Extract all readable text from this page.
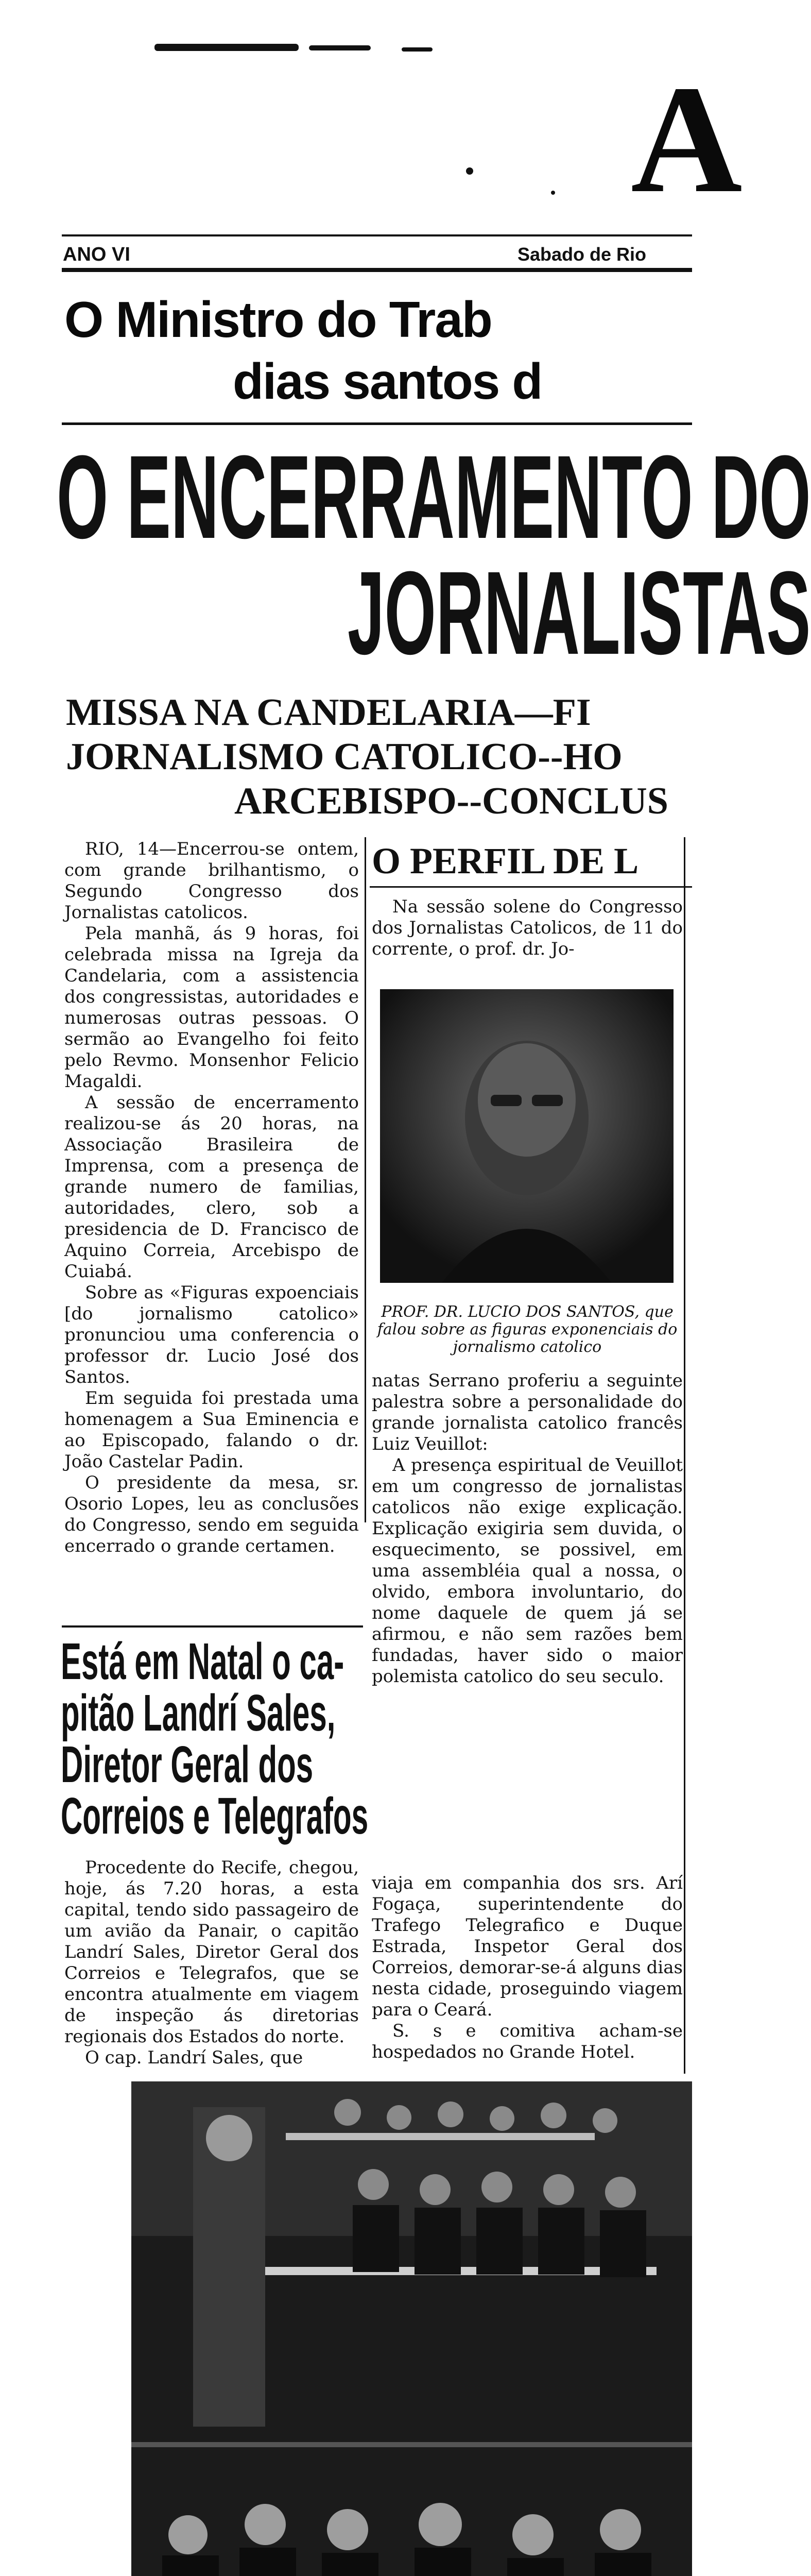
A
ANO VI	Sabado de Rio
O Ministro do Trab
dias santos d
O ENCERRAMENTO DO
JORNALISTAS
MISSA NA CANDELARIA—FI
JORNALISMO CATOLICO--HO
ARCEBISPO--CONCLUS

RIO, 14—Encerrou-se ontem, com grande brilhantismo, o Segundo Congresso dos Jornalistas catolicos.

Pela manhã, ás 9 horas, foi celebrada missa na Igreja da Candelaria, com a assistencia dos congressistas, autoridades e numerosas outras pessoas. O sermão ao Evangelho foi feito pelo Revmo. Monsenhor Felicio Magaldi.

A sessão de encerramento realizou-se ás 20 horas, na Associação Brasileira de Imprensa, com a presença de grande numero de familias, autoridades, clero, sob a presidencia de D. Francisco de Aquino Correia, Arcebispo de Cuiabá.

Sobre as «Figuras expoenciais [do jornalismo catolico» pronunciou uma conferencia o professor dr. Lucio José dos Santos.

Em seguida foi prestada uma homenagem a Sua Eminencia e ao Episcopado, falando o dr. João Castelar Padin.

O presidente da mesa, sr. Osorio Lopes, leu as conclusões do Congresso, sendo em seguida encerrado o grande certamen.

Está em Natal o ca-
pitão Landrí Sales,
Diretor Geral dos
Correios e Telegrafos

Procedente do Recife, chegou, hoje, ás 7.20 horas, a esta capital, tendo sido passageiro de um avião da Panair, o capitão Landrí Sales, Diretor Geral dos Correios e Telegrafos, que se encontra atualmente em viagem de inspeção ás diretorias regionais dos Estados do norte.

O cap. Landrí Sales, que

O PERFIL DE L

Na sessão solene do Congresso dos Jornalistas Catolicos, de 11 do corrente, o prof. dr. Jo-

PROF. DR. LUCIO DOS SANTOS, que falou sobre as figuras exponenciais do jornalismo catolico

natas Serrano proferiu a seguinte palestra sobre a personalidade do grande jornalista catolico francês Luiz Veuillot:

A presença espiritual de Veuillot em um congresso de jornalistas catolicos não exige explicação. Explicação exigiria sem duvida, o esquecimento, se possivel, em uma assembléia qual a nossa, o olvido, embora involuntario, do nome daquele de quem já se afirmou, e não sem razões bem fundadas, haver sido o maior polemista catolico do seu seculo.

viaja em companhia dos srs. Arí Fogaça, superintendente do Trafego Telegrafico e Duque Estrada, Inspetor Geral dos Correios, demorar-se-á alguns dias nesta cidade, proseguindo viagem para o Ceará.

S. s e comitiva acham-se hospedados no Grande Hotel.
